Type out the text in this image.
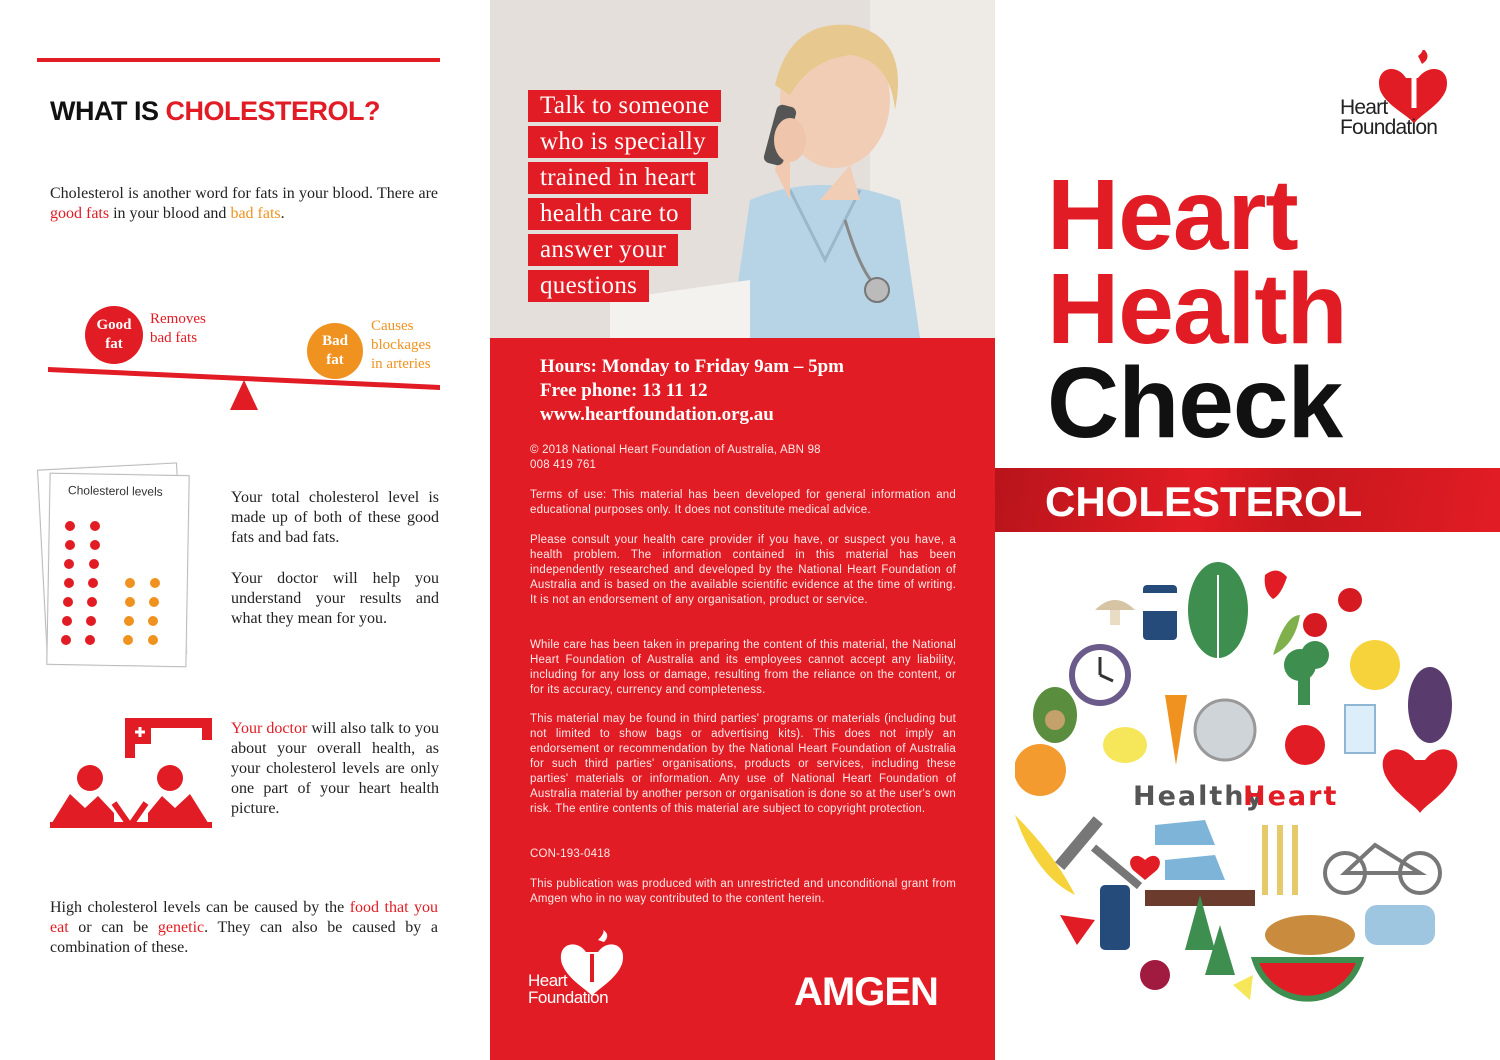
WHAT IS CHOLESTEROL?

Cholesterol is another word for fats in your blood. There are good fats in your blood and bad fats.

Good
fat
Removes
bad fats	Bad
fat
Causes
blockages
in arteries
Cholesterol levels	Your total cholesterol level is made up of both of these good fats and bad fats.

Your doctor will help you understand your results and what they mean for you.

Your doctor will also talk to you about your overall health, as your cholesterol levels are only one part of your heart health picture.

High cholesterol levels can be caused by the food that you eat or can be genetic. They can also be caused by a combination of these.

Talk to someone
who is specially
trained in heart
health care to
answer your
questions
Hours: Monday to Friday 9am – 5pm
Free phone: 13 11 12
www.heartfoundation.org.au

© 2018 National Heart Foundation of Australia, ABN 98 008 419 761

Terms of use: This material has been developed for general information and educational purposes only. It does not constitute medical advice.

Please consult your health care provider if you have, or suspect you have, a health problem. The information contained in this material has been independently researched and developed by the National Heart Foundation of Australia and is based on the available scientific evidence at the time of writing. It is not an endorsement of any organisation, product or service.

While care has been taken in preparing the content of this material, the National Heart Foundation of Australia and its employees cannot accept any liability, including for any loss or damage, resulting from the reliance on the content, or for its accuracy, currency and completeness.

This material may be found in third parties' programs or materials (including but not limited to show bags or advertising kits). This does not imply an endorsement or recommendation by the National Heart Foundation of Australia for such third parties' organisations, products or services, including these parties' materials or information. Any use of National Heart Foundation of Australia material by another person or organisation is done so at the user's own risk. The entire contents of this material are subject to copyright protection.

CON-193-0418

This publication was produced with an unrestricted and unconditional grant from Amgen who in no way contributed to the content herein.

Heart
Foundation	AMGEN
Heart
Foundation
Heart
Health
Check
CHOLESTEROL
Healthy
Heart
